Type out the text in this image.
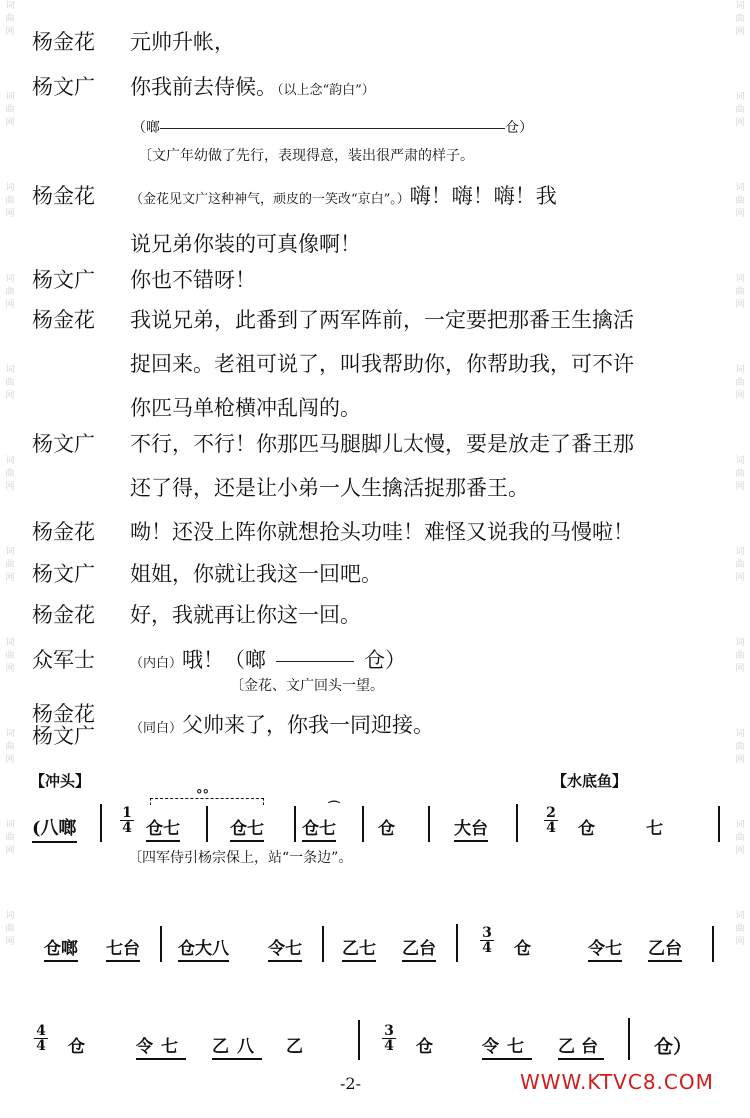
词
曲
网

词
曲
网

词
曲
网

词
曲
网

词
曲
网

词
曲
网

词
曲
网

词
曲
网

词
曲
网

词
曲
网

词
曲
网
词
曲
网

词
曲
网

词
曲
网

词
曲
网

词
曲
网

词
曲
网

词
曲
网

词
曲
网

词
曲
网

词
曲
网

词
曲
网
杨金花	元帅升帐，
杨文广	你我前去侍候。（以上念“韵白”）
（啷	仓）
〔文广年幼做了先行，表现得意，装出很严肃的样子。
杨金花	（金花见文广这种神气，顽皮的一笑改“京白”。）嗨！嗨！嗨！我
说兄弟你装的可真像啊！
杨文广	你也不错呀！
杨金花	我说兄弟，此番到了两军阵前，一定要把那番王生擒活
捉回来。老祖可说了，叫我帮助你，你帮助我，可不许
你匹马单枪横冲乱闯的。
杨文广	不行，不行！你那匹马腿脚儿太慢，要是放走了番王那
还了得，还是让小弟一人生擒活捉那番王。
杨金花	呦！还没上阵你就想抢头功哇！难怪又说我的马慢啦！
杨文广	姐姐，你就让我这一回吧。
杨金花	好，我就再让你这一回。
众军士	（内白）哦！（啷	仓）
〔金花、文广回头一望。
杨金花
杨文广	（同白）父帅来了，你我一同迎接。
【冲头】	【水底鱼】
(八啷	$\frac{1}{4}$
°°
仓七	仓七
⌒
仓七 仓	大台	$\frac{2}{4}$ 仓	七
〔四军侍引杨宗保上，站“一条边”。
仓啷 七台 仓大八 令七 乙七 乙台	$\frac{3}{4}$ 仓	令七 乙台
$\frac{4}{4}$ 仓	令七 乙八 乙	$\frac{3}{4}$ 仓	令七 乙台	仓）
-2-	WWW.KTVC8.COM
